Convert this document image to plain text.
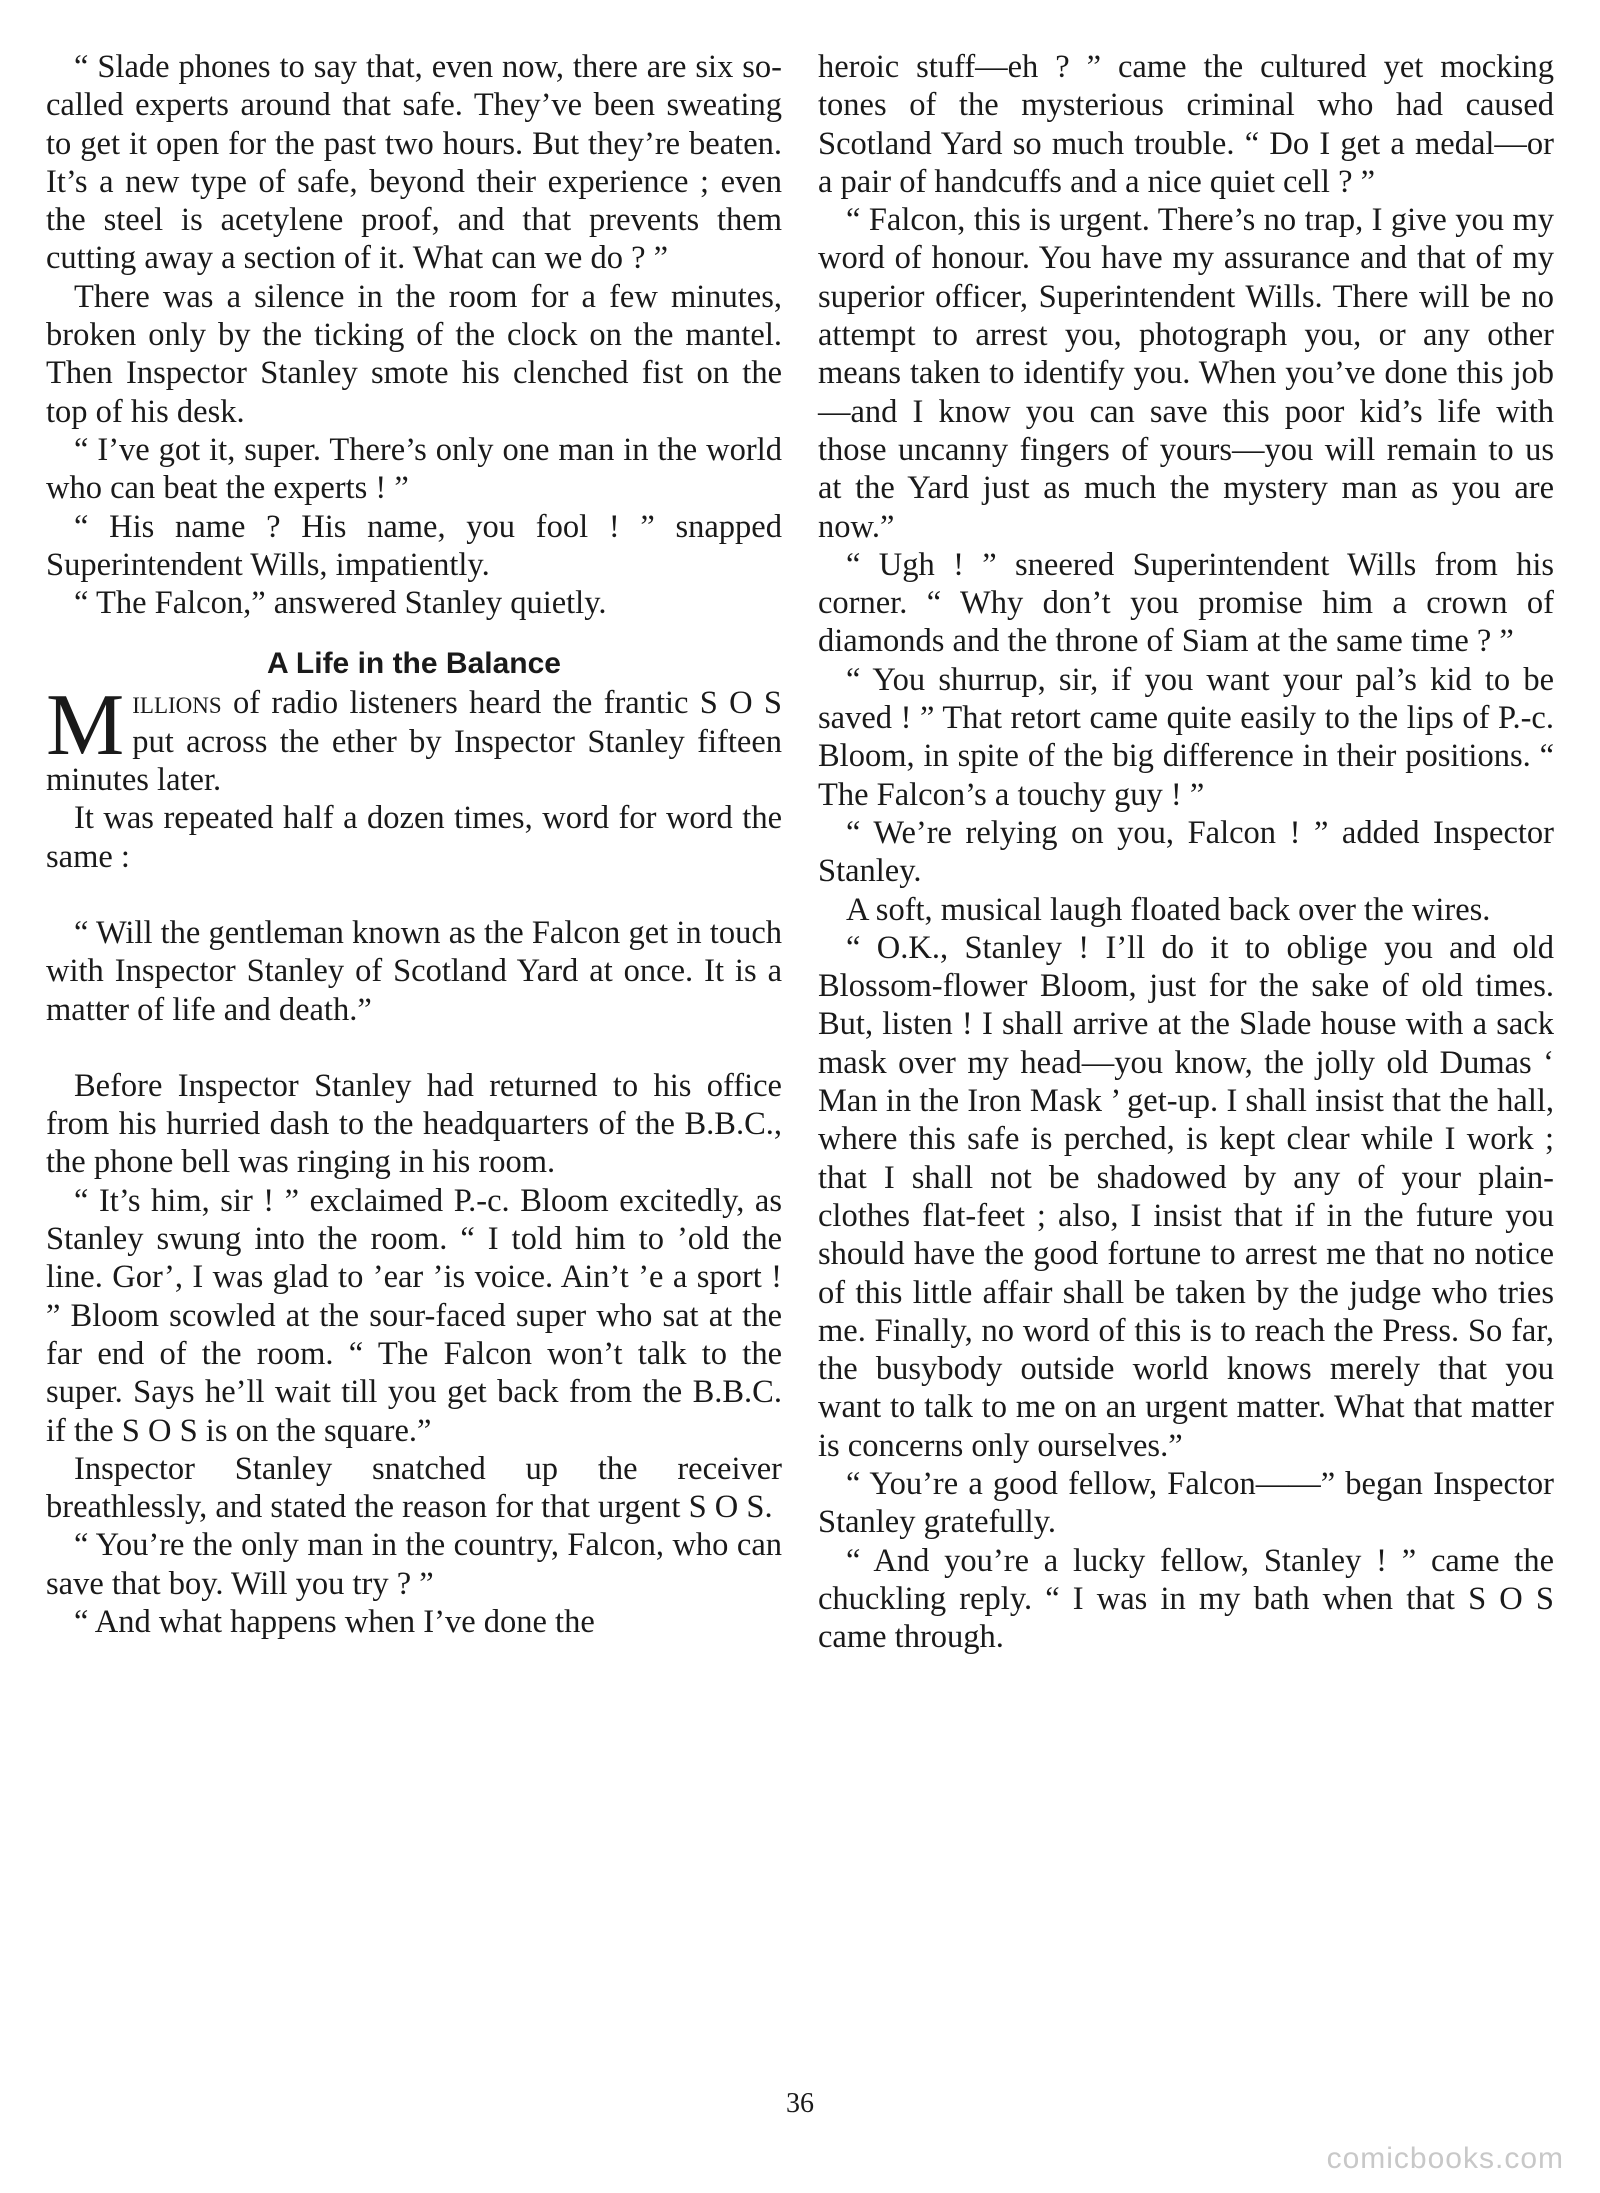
“ Slade phones to say that, even now, there are six so-called experts around that safe. They’ve been sweating to get it open for the past two hours. But they’re beaten. It’s a new type of safe, beyond their experience ; even the steel is acetylene proof, and that prevents them cutting away a section of it. What can we do ? ”

There was a silence in the room for a few minutes, broken only by the ticking of the clock on the mantel. Then Inspector Stanley smote his clenched fist on the top of his desk.

“ I’ve got it, super. There’s only one man in the world who can beat the experts ! ”

“ His name ? His name, you fool ! ” snapped Superintendent Wills, impatiently.

“ The Falcon,” answered Stanley quietly.

A Life in the Balance

Millions of radio listeners heard the frantic S O S put across the ether by Inspector Stanley fifteen minutes later.

It was repeated half a dozen times, word for word the same :

“ Will the gentleman known as the Falcon get in touch with Inspector Stanley of Scotland Yard at once. It is a matter of life and death.”

Before Inspector Stanley had returned to his office from his hurried dash to the headquarters of the B.B.C., the phone bell was ringing in his room.

“ It’s him, sir ! ” exclaimed P.-c. Bloom excitedly, as Stanley swung into the room. “ I told him to ’old the line. Gor’, I was glad to ’ear ’is voice. Ain’t ’e a sport ! ” Bloom scowled at the sour-faced super who sat at the far end of the room. “ The Falcon won’t talk to the super. Says he’ll wait till you get back from the B.B.C. if the S O S is on the square.”

Inspector Stanley snatched up the receiver breathlessly, and stated the reason for that urgent S O S.

“ You’re the only man in the country, Falcon, who can save that boy. Will you try ? ”

“ And what happens when I’ve done the

heroic stuff—eh ? ” came the cultured yet mocking tones of the mysterious criminal who had caused Scotland Yard so much trouble. “ Do I get a medal—or a pair of handcuffs and a nice quiet cell ? ”

“ Falcon, this is urgent. There’s no trap, I give you my word of honour. You have my assurance and that of my superior officer, Superintendent Wills. There will be no attempt to arrest you, photograph you, or any other means taken to identify you. When you’ve done this job—and I know you can save this poor kid’s life with those uncanny fingers of yours—you will remain to us at the Yard just as much the mystery man as you are now.”

“ Ugh ! ” sneered Superintendent Wills from his corner. “ Why don’t you promise him a crown of diamonds and the throne of Siam at the same time ? ”

“ You shurrup, sir, if you want your pal’s kid to be saved ! ” That retort came quite easily to the lips of P.-c. Bloom, in spite of the big difference in their positions. “ The Falcon’s a touchy guy ! ”

“ We’re relying on you, Falcon ! ” added Inspector Stanley.

A soft, musical laugh floated back over the wires.

“ O.K., Stanley ! I’ll do it to oblige you and old Blossom-flower Bloom, just for the sake of old times. But, listen ! I shall arrive at the Slade house with a sack mask over my head—you know, the jolly old Dumas ‘ Man in the Iron Mask ’ get-up. I shall insist that the hall, where this safe is perched, is kept clear while I work ; that I shall not be shadowed by any of your plain-clothes flat-feet ; also, I insist that if in the future you should have the good fortune to arrest me that no notice of this little affair shall be taken by the judge who tries me. Finally, no word of this is to reach the Press. So far, the busybody outside world knows merely that you want to talk to me on an urgent matter. What that matter is concerns only ourselves.”

“ You’re a good fellow, Falcon——” began Inspector Stanley gratefully.

“ And you’re a lucky fellow, Stanley ! ” came the chuckling reply. “ I was in my bath when that S O S came through.

36
comicbooks.com
